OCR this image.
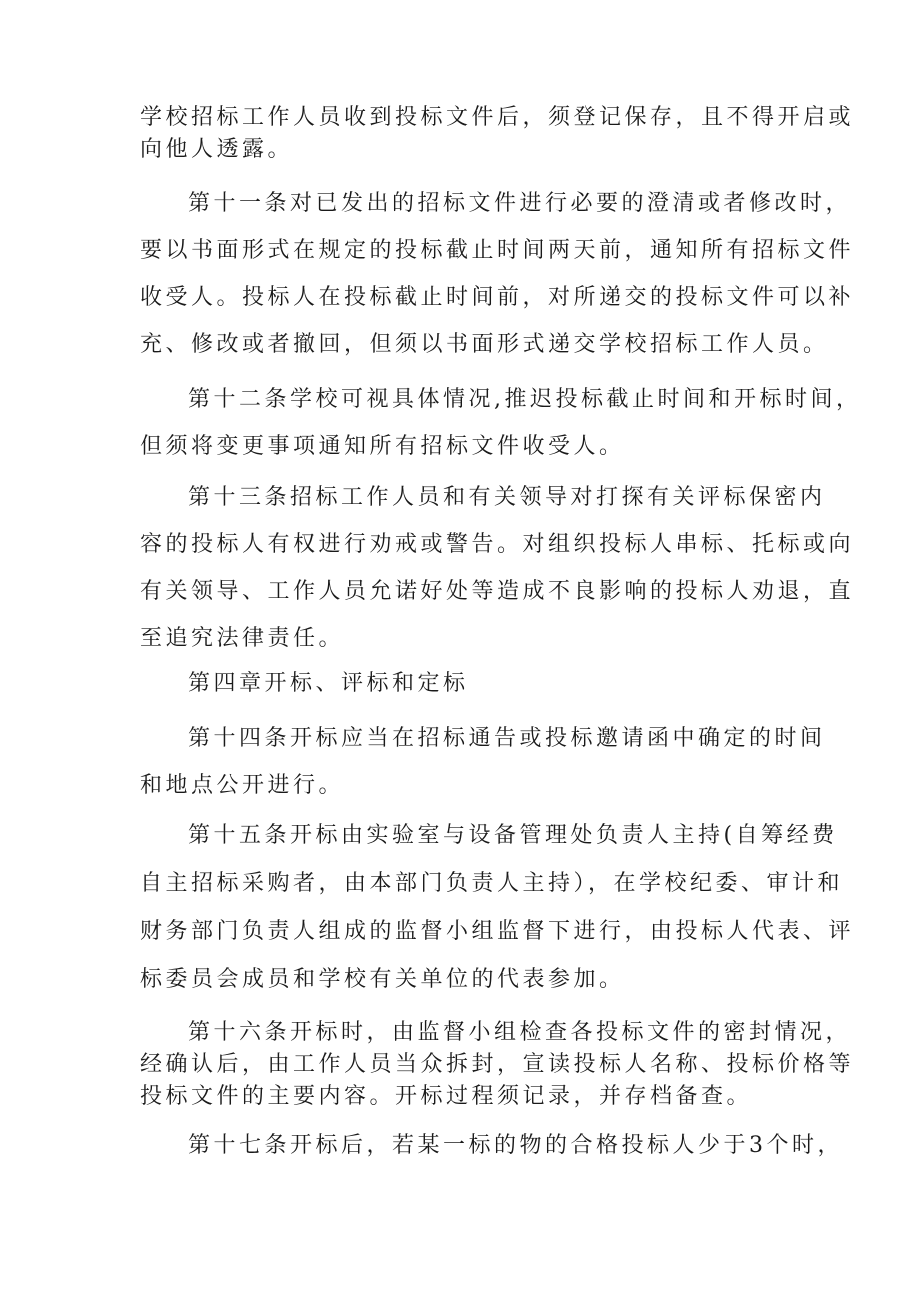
学校招标工作人员收到投标文件后，须登记保存，且不得开启或
向他人透露。

第十一条对已发出的招标文件进行必要的澄清或者修改时，
要以书面形式在规定的投标截止时间两天前，通知所有招标文件
收受人。投标人在投标截止时间前，对所递交的投标文件可以补
充、修改或者撤回，但须以书面形式递交学校招标工作人员。

第十二条学校可视具体情况,推迟投标截止时间和开标时间，
但须将变更事项通知所有招标文件收受人。

第十三条招标工作人员和有关领导对打探有关评标保密内
容的投标人有权进行劝戒或警告。对组织投标人串标、托标或向
有关领导、工作人员允诺好处等造成不良影响的投标人劝退，直
至追究法律责任。

第四章开标、评标和定标

第十四条开标应当在招标通告或投标邀请函中确定的时间
和地点公开进行。

第十五条开标由实验室与设备管理处负责人主持(自筹经费
自主招标采购者，由本部门负责人主持），在学校纪委、审计和
财务部门负责人组成的监督小组监督下进行，由投标人代表、评
标委员会成员和学校有关单位的代表参加。

第十六条开标时，由监督小组检查各投标文件的密封情况，
经确认后，由工作人员当众拆封，宣读投标人名称、投标价格等
投标文件的主要内容。开标过程须记录，并存档备查。

第十七条开标后，若某一标的物的合格投标人少于3个时，
